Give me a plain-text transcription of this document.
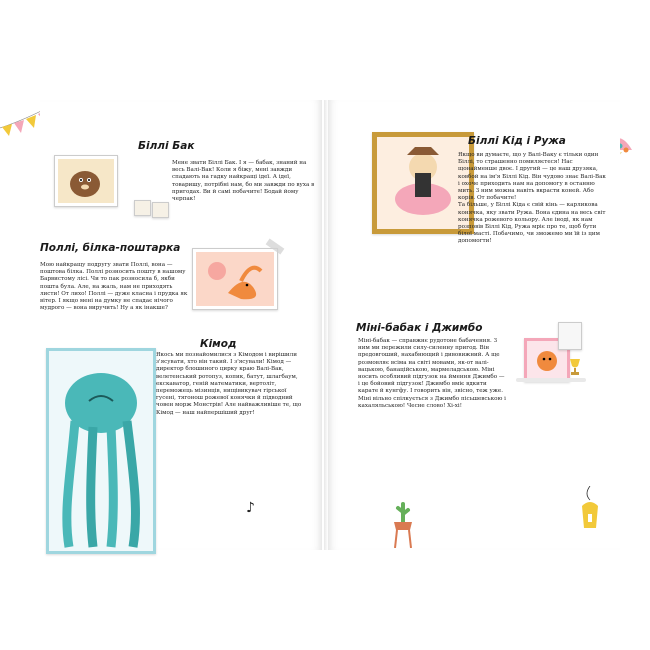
Біллі Бак

Мене звати Біллі Бак. І я — бабак, знаний на весь Валі-Вак! Коли я біжу, мені завжди спадають на гадку найкращі ідеї. А ідеї, товаришу, потрібні нам, бо ми завжди по вуха в пригодах. Ви й самі побачите! Бодай йому черпак!

Поллі, білка-поштарка

Мою найкращу подругу звати Поллі, вона — поштова білка. Поллі розносить пошту в нашому Барвистому лісі. Чи то пак розносила б, якби пошта була. Але, на жаль, нам не приходять листи! От лихо! Поллі — дуже класна і прудка як вітер. І якщо мені на думку не спадає нічого мудрого — вона виручить! Ну а як інакше?

Кімод

Якось ми познайомилися з Кімодом і вирішили з'ясувати, хто він такий. І з'ясували! Кімод — директор блошиного цирку краю Валі-Вак, велетенський ротопуз, копик, батут, шлагбаум, екскаватор, геній математики, вертоліт, переможець мізинців, нищівикувач гірської гусені, тягонош рожевої конячки й підводний човен морж Монстрів! Але найважливіше те, що Кімод — наш найпершіший друг!

♪
Біллі Кід і Ружа

Якщо ви думаєте, що у Валі-Ваку є тільки один Біллі, то страшенно помиляєтеся! Нас щонайменше двоє. І другий — це наш друзяка, ковбой на ім'я Біллі Кід. Він чудово знає Валі-Вак і охоче приходить нам на допомогу в останню мить. З ним можна навіть вкрасти коней. Або корів. От побачите!
Та більше, у Біллі Кіда є свій кінь — карликова конячка, яку звати Ружа. Вона єдина на весь світ конячка рожевого кольору. Але іноді, як нам розповів Біллі Кід, Ружа мріє про те, щоб бути білої масті. Побачимо, чи зможемо ми їй із цим допомогти!

Міні-бабак і Джимбо

Міні-бабак — справжнє рудотоне бабачення. З ним ми пережили силу-силенну пригод. Він предовгоший, нахабнющий і дивовижний. А ще розмовляє всіма на світі мовами, як-от валі-вацькою, банаційською, мармеладською. Міні носить особливий підгузок на ймення Джимбо — і це бойовий підгузок! Джимбо вміє вдкити карате й кунгфу. І говорить він, звісно, теж уже. Міні вільно спілкується з Джимбо пісьшевською і кахаляльською! Чесне слово! Хі-хі!
